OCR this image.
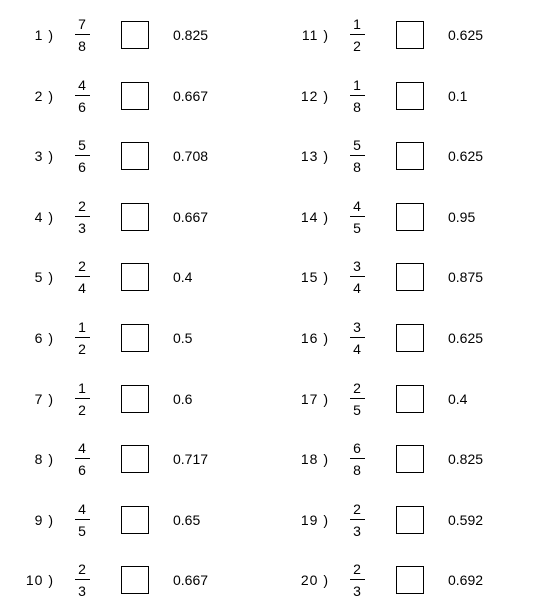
1 )
7
8
0.825
2 )
4
6
0.667
3 )
5
6
0.708
4 )
2
3
0.667
5 )
2
4
0.4
6 )
1
2
0.5
7 )
1
2
0.6
8 )
4
6
0.717
9 )
4
5
0.65
10 )
2
3
0.667
11 )
1
2
0.625
12 )
1
8
0.1
13 )
5
8
0.625
14 )
4
5
0.95
15 )
3
4
0.875
16 )
3
4
0.625
17 )
2
5
0.4
18 )
6
8
0.825
19 )
2
3
0.592
20 )
2
3
0.692
